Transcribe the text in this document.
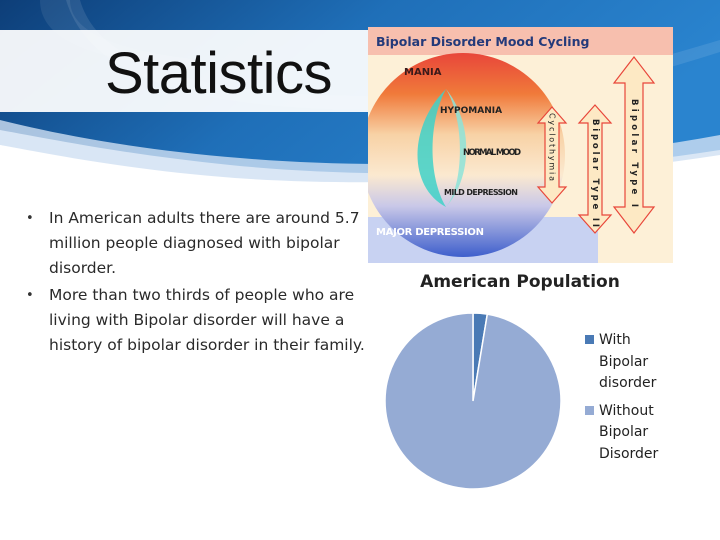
Statistics
• In American adults there are around 5.7 million people diagnosed with bipolar disorder.
• More than two thirds of people who are living with Bipolar disorder will have a history of bipolar disorder in their family.
Bipolar Disorder Mood Cycling
MANIA
HYPOMANIA
NORMAL MOOD
MILD DEPRESSION
MAJOR DEPRESSION
Cyclothymia
Bipolar Type II
Bipolar Type I
American Population
With Bipolar disorder
Without Bipolar Disorder
